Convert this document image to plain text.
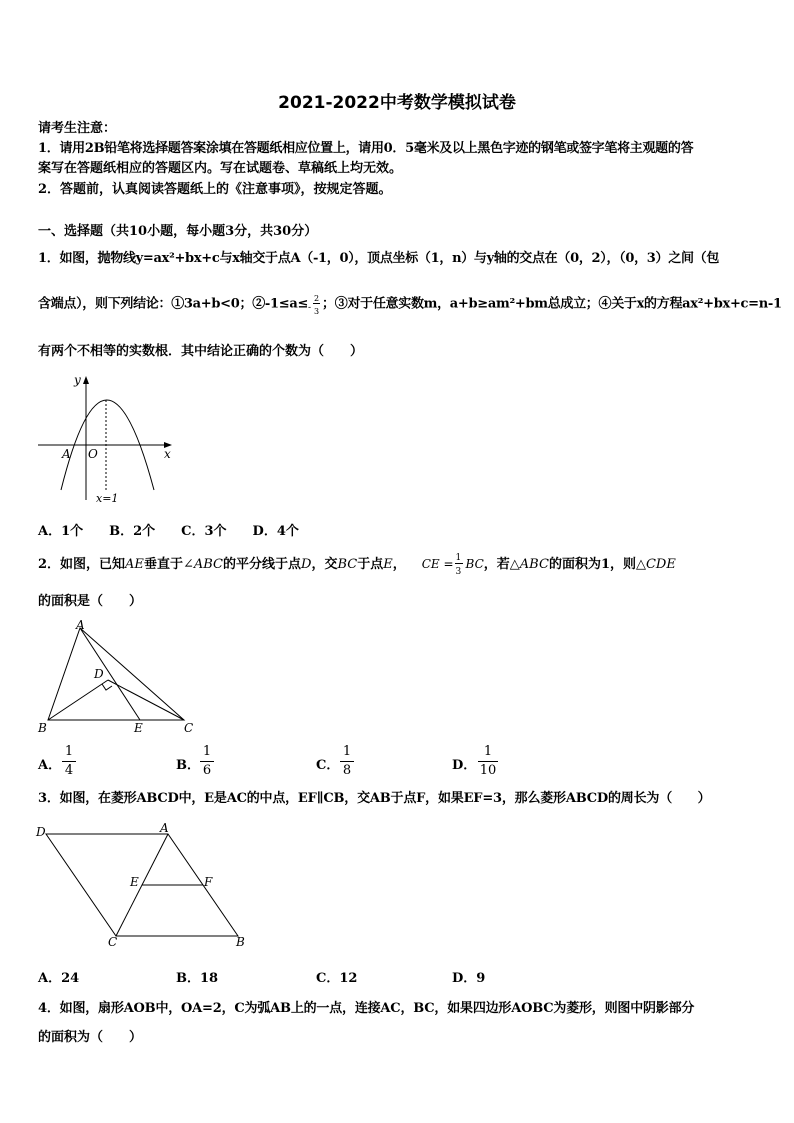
2021-2022中考数学模拟试卷
请考生注意：
1．请用2B铅笔将选择题答案涂填在答题纸相应位置上，请用0．5毫米及以上黑色字迹的钢笔或签字笔将主观题的答
案写在答题纸相应的答题区内。写在试题卷、草稿纸上均无效。
2．答题前，认真阅读答题纸上的《注意事项》，按规定答题。
一、选择题（共10小题，每小题3分，共30分）
1．如图，抛物线y=ax²+bx+c与x轴交于点A（-1，0），顶点坐标（1，n）与y轴的交点在（0，2），（0，3）之间（包
含端点），则下列结论：①3a+b<0；②-1≤a≤ -
2
3 ；③对于任意实数m，a+b≥am²+bm总成立；④关于x的方程ax²+bx+c=n-1
有两个不相等的实数根．其中结论正确的个数为（　　）
y
x
A O
x=1
A．1个　　B．2个　　C．3个　　D．4个
2．如图，已知AE垂直于∠ABC的平分线于点D，交BC于点E， CE = $\frac{1}{3}$ BC，若△ABC的面积为1，则△CDE
的面积是（　　）
A
B	C
D
E
A．
1
4	B．
1
6	C．
1
8	D．
1
10
3．如图，在菱形ABCD中，E是AC的中点，EF∥CB，交AB于点F，如果EF=3，那么菱形ABCD的周长为（　　）
D	A
E	F
C	B
A．24	B．18	C．12	D．9
4．如图，扇形AOB中，OA=2，C为弧AB上的一点，连接AC，BC，如果四边形AOBC为菱形，则图中阴影部分
的面积为（　　）
